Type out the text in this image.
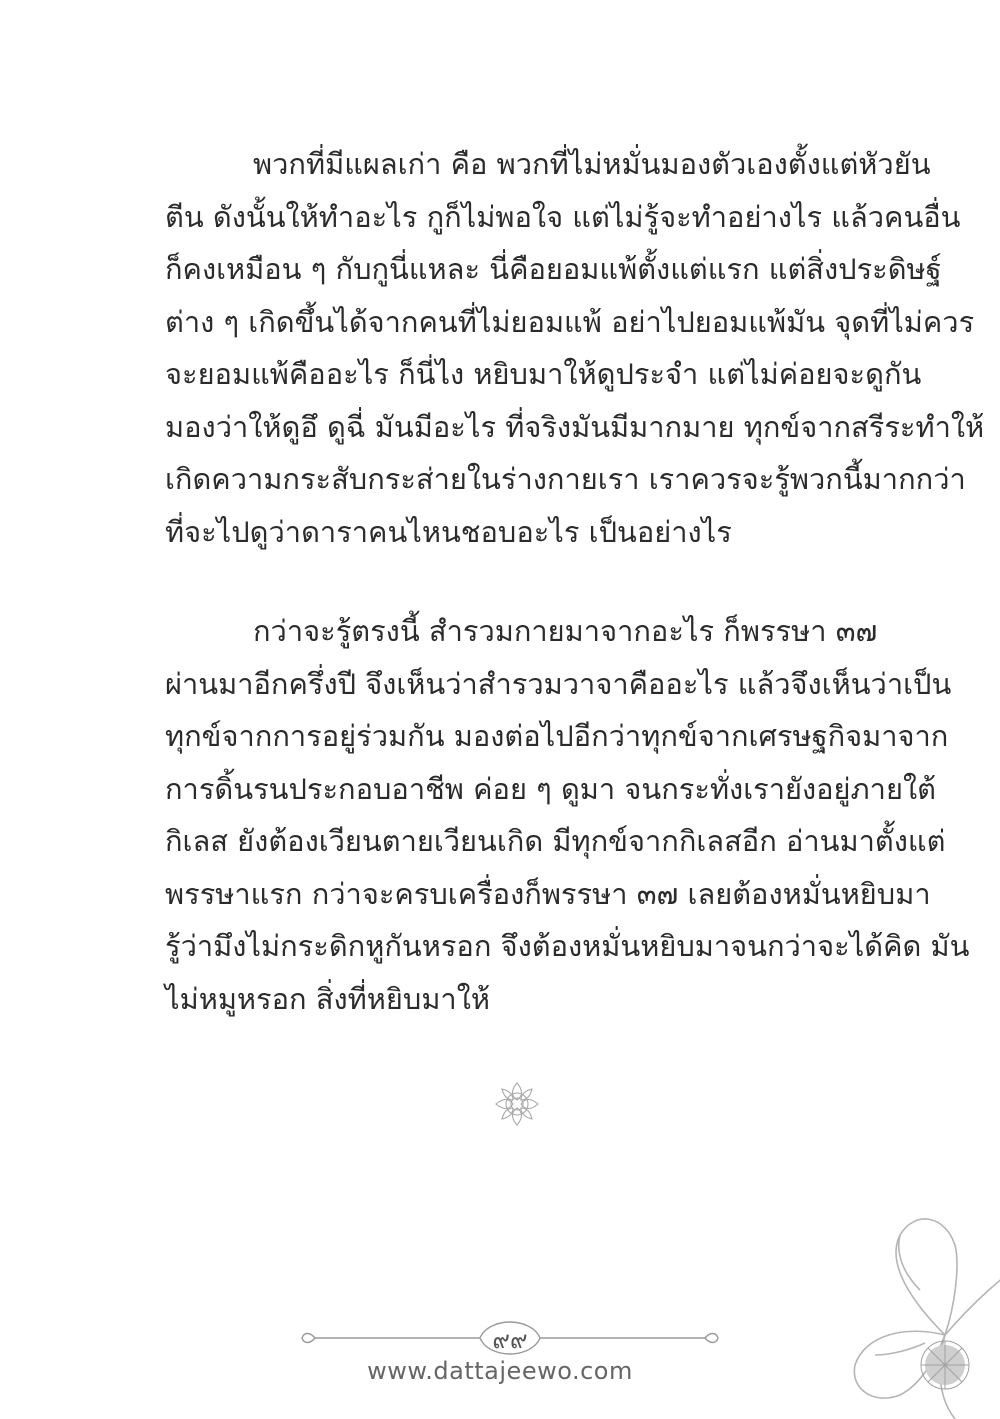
พวกที่มีแผลเก่า คือ พวกที่ไม่หมั่นมองตัวเองตั้งแต่หัวยัน
ตีน ดังนั้นให้ทำอะไร กูก็ไม่พอใจ แต่ไม่รู้จะทำอย่างไร แล้วคนอื่น
ก็คงเหมือน ๆ กับกูนี่แหละ นี่คือยอมแพ้ตั้งแต่แรก แต่สิ่งประดิษฐ์
ต่าง ๆ เกิดขึ้นได้จากคนที่ไม่ยอมแพ้ อย่าไปยอมแพ้มัน จุดที่ไม่ควร
จะยอมแพ้คืออะไร ก็นี่ไง หยิบมาให้ดูประจำ แต่ไม่ค่อยจะดูกัน
มองว่าให้ดูอึ ดูฉี่ มันมีอะไร ที่จริงมันมีมากมาย ทุกข์จากสรีระทำให้
เกิดความกระสับกระส่ายในร่างกายเรา เราควรจะรู้พวกนี้มากกว่า
ที่จะไปดูว่าดาราคนไหนชอบอะไร เป็นอย่างไร
กว่าจะรู้ตรงนี้ สำรวมกายมาจากอะไร ก็พรรษา ๓๗
ผ่านมาอีกครึ่งปี จึงเห็นว่าสำรวมวาจาคืออะไร แล้วจึงเห็นว่าเป็น
ทุกข์จากการอยู่ร่วมกัน มองต่อไปอีกว่าทุกข์จากเศรษฐกิจมาจาก
การดิ้นรนประกอบอาชีพ ค่อย ๆ ดูมา จนกระทั่งเรายังอยู่ภายใต้
กิเลส ยังต้องเวียนตายเวียนเกิด มีทุกข์จากกิเลสอีก อ่านมาตั้งแต่
พรรษาแรก กว่าจะครบเครื่องก็พรรษา ๓๗ เลยต้องหมั่นหยิบมา
รู้ว่ามึงไม่กระดิกหูกันหรอก จึงต้องหมั่นหยิบมาจนกว่าจะได้คิด มัน
ไม่หมูหรอก สิ่งที่หยิบมาให้
๙๙
www.dattajeewo.com
